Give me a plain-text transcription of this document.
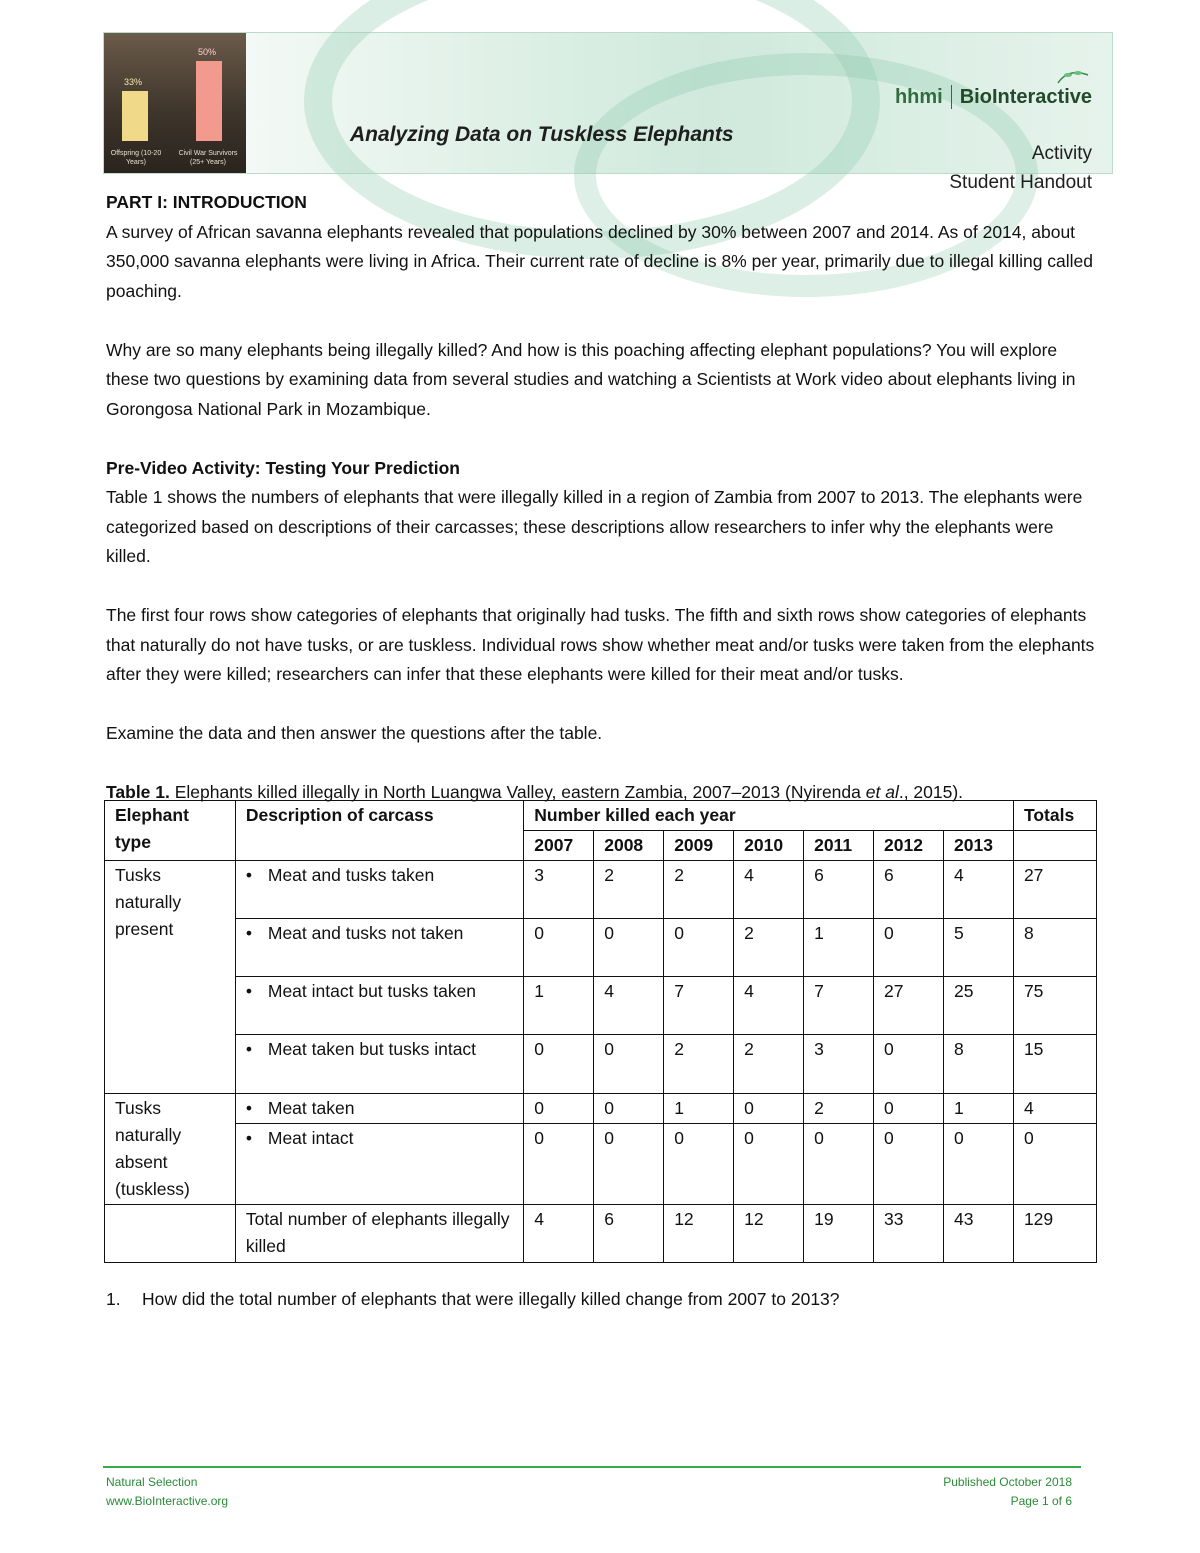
33%
50%
Offspring (10-20 Years)
Civil War Survivors (25+ Years)
Analyzing Data on Tuskless Elephants
hhmi BioInteractive
Activity
Student Handout
PART I: INTRODUCTION

A survey of African savanna elephants revealed that populations declined by 30% between 2007 and 2014. As of 2014, about 350,000 savanna elephants were living in Africa. Their current rate of decline is 8% per year, primarily due to illegal killing called poaching.

Why are so many elephants being illegally killed? And how is this poaching affecting elephant populations? You will explore these two questions by examining data from several studies and watching a Scientists at Work video about elephants living in Gorongosa National Park in Mozambique.

Pre-Video Activity: Testing Your Prediction

Table 1 shows the numbers of elephants that were illegally killed in a region of Zambia from 2007 to 2013. The elephants were categorized based on descriptions of their carcasses; these descriptions allow researchers to infer why the elephants were killed.

The first four rows show categories of elephants that originally had tusks. The fifth and sixth rows show categories of elephants that naturally do not have tusks, or are tuskless. Individual rows show whether meat and/or tusks were taken from the elephants after they were killed; researchers can infer that these elephants were killed for their meat and/or tusks.

Examine the data and then answer the questions after the table.

Table 1. Elephants killed illegally in North Luangwa Valley, eastern Zambia, 2007–2013 (Nyirenda et al., 2015).
Elephant type	Description of carcass	Number killed each year							Totals
		2007	2008	2009	2010	2011	2012	2013	
Tusks naturally present	• Meat and tusks taken	3	2	2	4	6	6	4	27
	• Meat and tusks not taken	0	0	0	2	1	0	5	8
	• Meat intact but tusks taken	1	4	7	4	7	27	25	75
	• Meat taken but tusks intact	0	0	2	2	3	0	8	15
Tusks naturally absent (tuskless)	• Meat taken	0	0	1	0	2	0	1	4
	• Meat intact	0	0	0	0	0	0	0	0
	Total number of elephants illegally killed	4	6	12	12	19	33	43	129
1. How did the total number of elephants that were illegally killed change from 2007 to 2013?
Natural Selection
www.BioInteractive.org
Published October 2018
Page 1 of 6
